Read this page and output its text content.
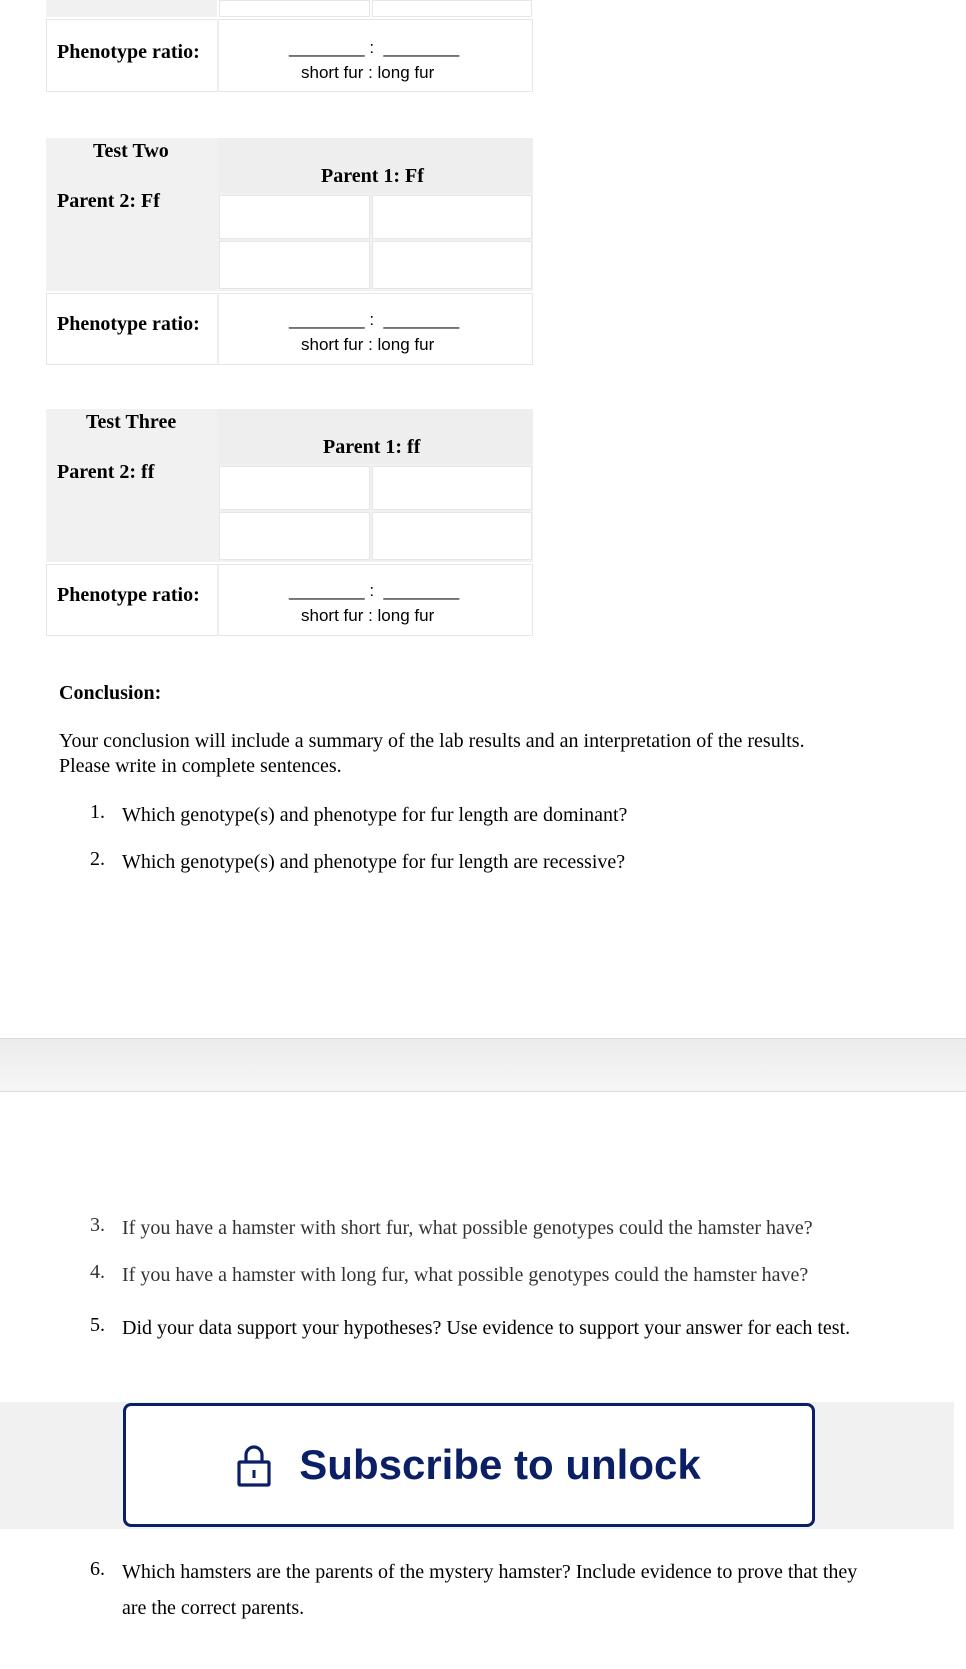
Phenotype ratio:	________ :  ________
short fur : long fur
Test Two
Parent 2: Ff
Parent 1: Ff
Phenotype ratio:	________ :  ________
short fur : long fur
Test Three
Parent 2: ff
Parent 1: ff
Phenotype ratio:	________ :  ________
short fur : long fur
Conclusion:
Your conclusion will include a summary of the lab results and an interpretation of the results.
Please write in complete sentences.
1. Which genotype(s) and phenotype for fur length are dominant?
2. Which genotype(s) and phenotype for fur length are recessive?
3. If you have a hamster with short fur, what possible genotypes could the hamster have?
4. If you have a hamster with long fur, what possible genotypes could the hamster have?
5. Did your data support your hypotheses? Use evidence to support your answer for each test.
Subscribe to unlock
6. Which hamsters are the parents of the mystery hamster? Include evidence to prove that they are the correct parents.
